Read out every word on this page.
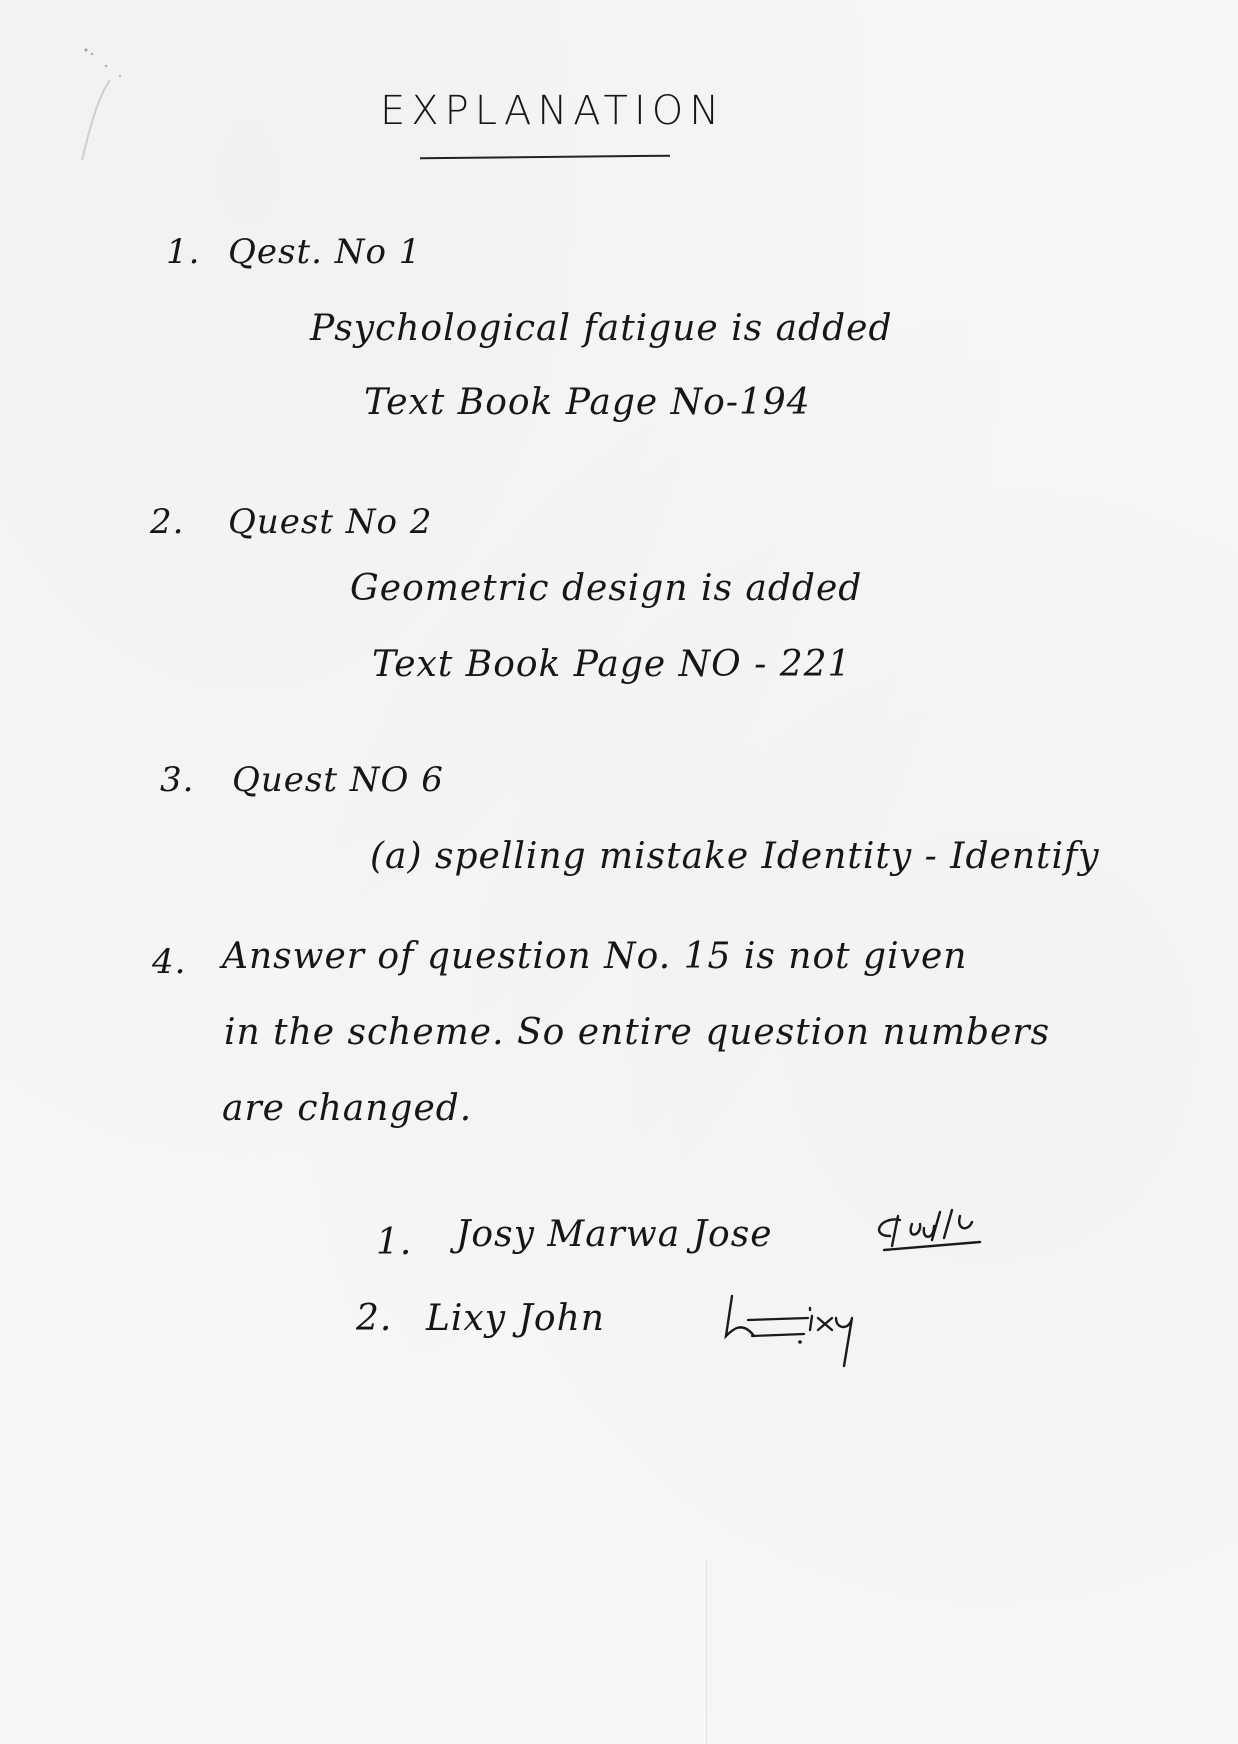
EXPLANATION
1. Qest. No 1
Psychological fatigue is added
Text Book Page No-194
2. Quest No 2
Geometric design is added
Text Book Page NO - 221
3. Quest NO 6
(a) spelling mistake Identity - Identify
4. Answer of question No. 15 is not given
in the scheme. So entire question numbers
are changed.
1. Josy Marwa Jose
2. Lixy John
